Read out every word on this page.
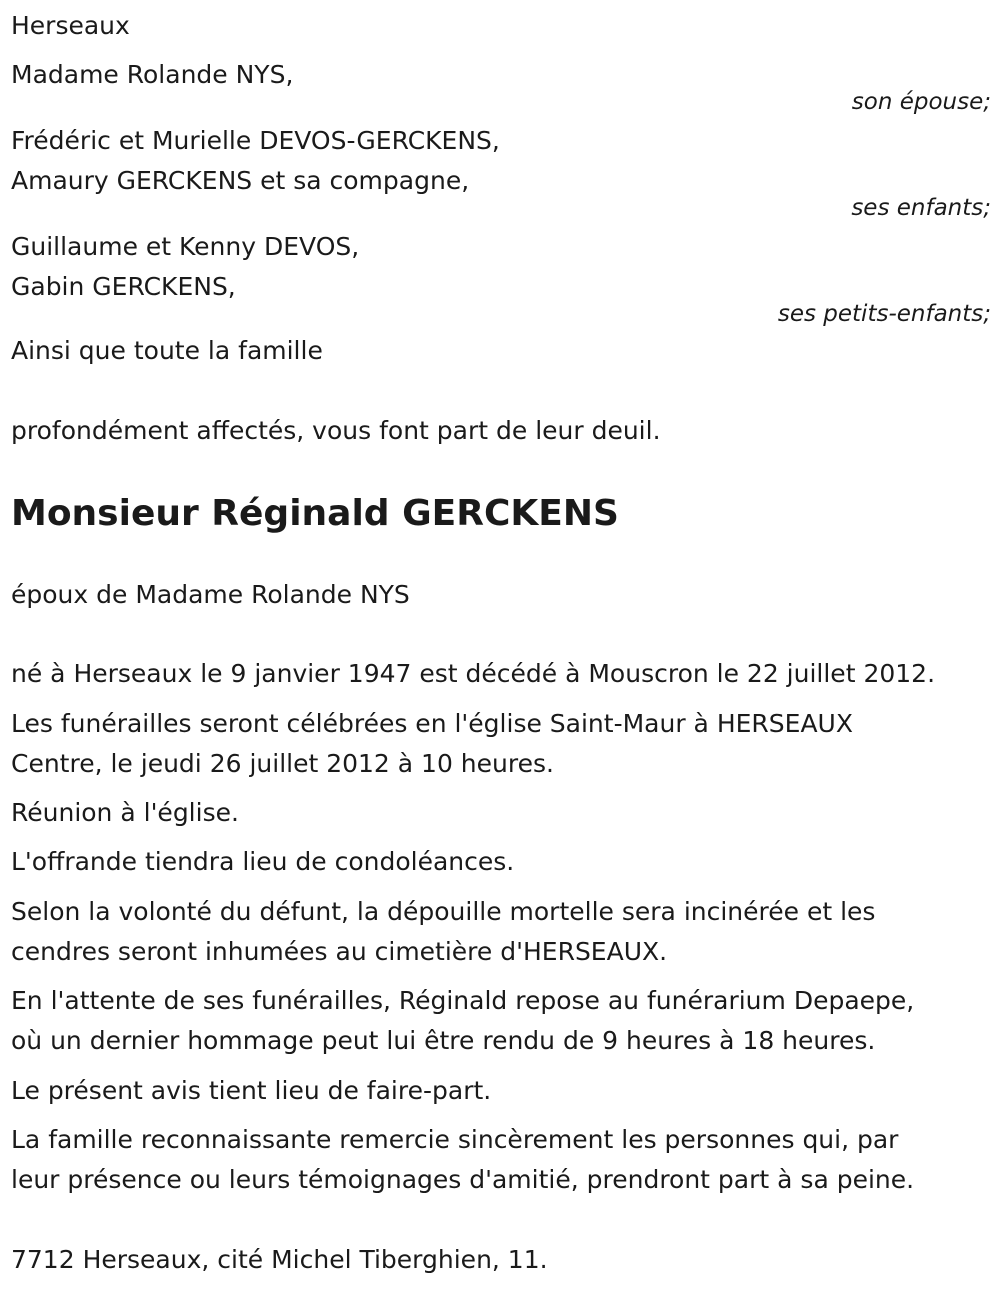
Herseaux
Madame Rolande NYS,
son épouse;
Frédéric et Murielle DEVOS-GERCKENS,
Amaury GERCKENS et sa compagne,
ses enfants;
Guillaume et Kenny DEVOS,
Gabin GERCKENS,
ses petits-enfants;
Ainsi que toute la famille
profondément affectés, vous font part de leur deuil.
Monsieur Réginald GERCKENS
époux de Madame Rolande NYS
né à Herseaux le 9 janvier 1947 est décédé à Mouscron le 22 juillet 2012.
Les funérailles seront célébrées en l'église Saint-Maur à HERSEAUX
Centre, le jeudi 26 juillet 2012 à 10 heures.
Réunion à l'église.
L'offrande tiendra lieu de condoléances.
Selon la volonté du défunt, la dépouille mortelle sera incinérée et les
cendres seront inhumées au cimetière d'HERSEAUX.
En l'attente de ses funérailles, Réginald repose au funérarium Depaepe,
où un dernier hommage peut lui être rendu de 9 heures à 18 heures.
Le présent avis tient lieu de faire-part.
La famille reconnaissante remercie sincèrement les personnes qui, par
leur présence ou leurs témoignages d'amitié, prendront part à sa peine.
7712 Herseaux, cité Michel Tiberghien, 11.
